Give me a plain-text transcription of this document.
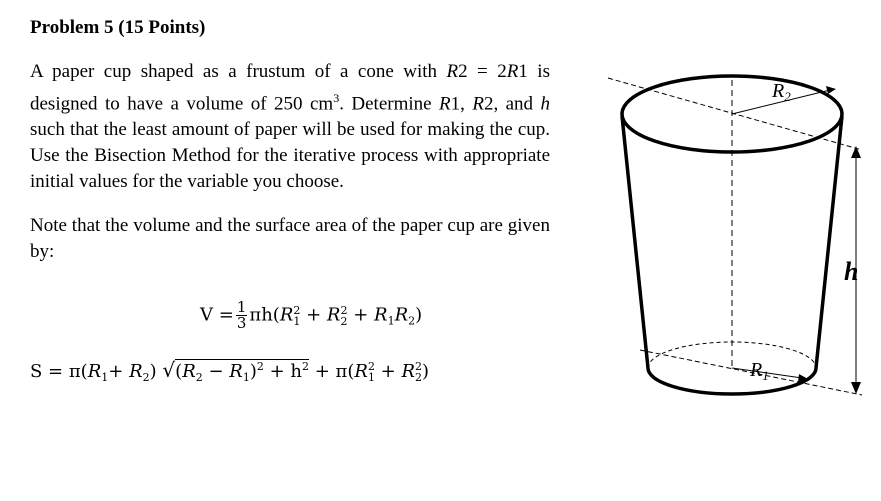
Problem 5 (15 Points)

A paper cup shaped as a frustum of a cone with R2 = 2R1 is designed to have a volume of 250 $cm^3$. Determine R1, R2, and h such that the least amount of paper will be used for making the cup. Use the Bisection Method for the iterative process with appropriate initial values for the variable you choose.

Note that the volume and the surface area of the paper cup are given by:

$V = \frac{1}{3} \pi h(R$ 2
1 + R 2
$2 + R_1R_2$)
$S = \pi(R_1+ R_2) √(R_2 - R_1)^2 + h^2 + \pi(R$ 2
1 + R 2
2 )
$R_2$
$R_1$
h
